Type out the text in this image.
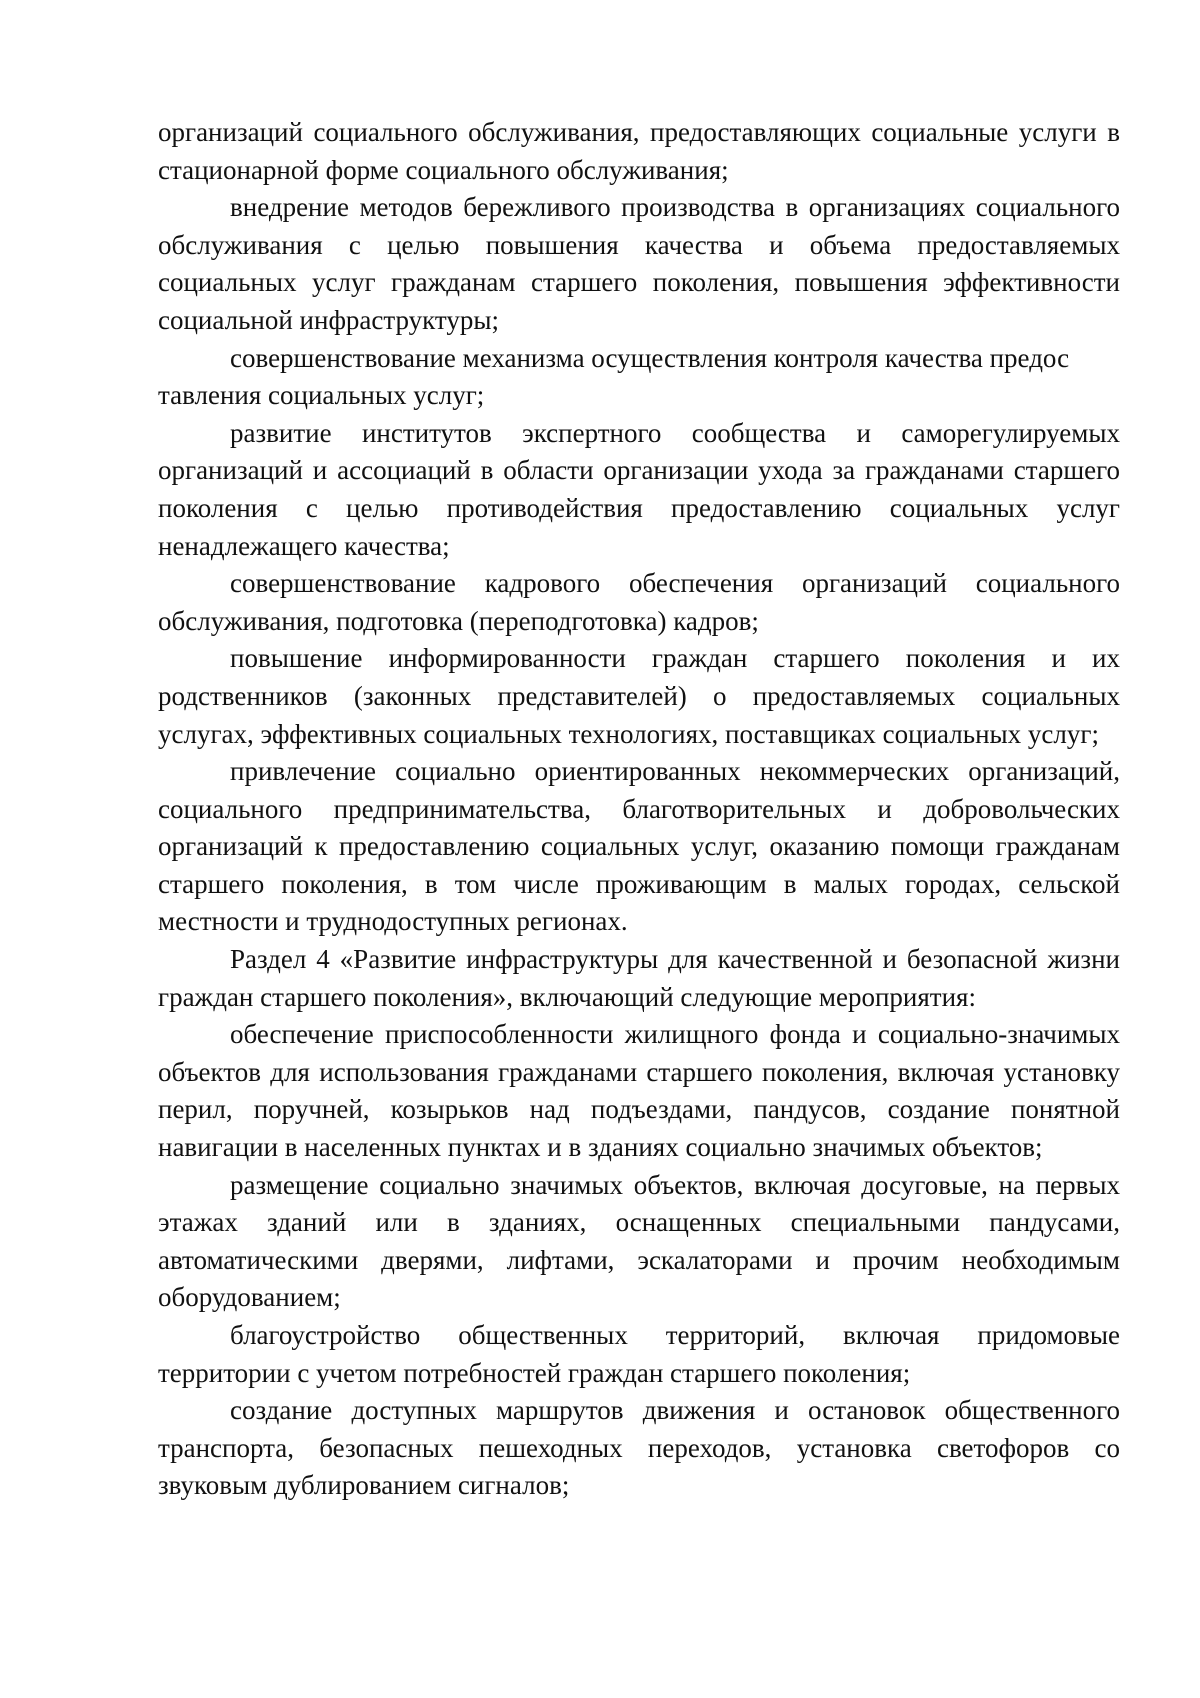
организаций социального обслуживания, предоставляющих социальные услуги в стационарной форме социального обслуживания;

внедрение методов бережливого производства в организациях социального обслуживания с целью повышения качества и объема предоставляемых социальных услуг гражданам старшего поколения, повышения эффективности социальной инфраструктуры;

совершенствование механизма осуществления контроля качества предос тавления социальных услуг;

развитие институтов экспертного сообщества и саморегулируемых организаций и ассоциаций в области организации ухода за гражданами старшего поколения с целью противодействия предоставлению социальных услуг ненадлежащего качества;

совершенствование кадрового обеспечения организаций социального обслуживания, подготовка (переподготовка) кадров;

повышение информированности граждан старшего поколения и их родственников (законных представителей) о предоставляемых социальных услугах, эффективных социальных технологиях, поставщиках социальных услуг;

привлечение социально ориентированных некоммерческих организаций, социального предпринимательства, благотворительных и добровольческих организаций к предоставлению социальных услуг, оказанию помощи гражданам старшего поколения, в том числе проживающим в малых городах, сельской местности и труднодоступных регионах.

Раздел 4 «Развитие инфраструктуры для качественной и безопасной жизни граждан старшего поколения», включающий следующие мероприятия:

обеспечение приспособленности жилищного фонда и социально-значимых объектов для использования гражданами старшего поколения, включая установку перил, поручней, козырьков над подъездами, пандусов, создание понятной навигации в населенных пунктах и в зданиях социально значимых объектов;

размещение социально значимых объектов, включая досуговые, на первых этажах зданий или в зданиях, оснащенных специальными пандусами, автоматическими дверями, лифтами, эскалаторами и прочим необходимым оборудованием;

благоустройство общественных территорий, включая придомовые территории с учетом потребностей граждан старшего поколения;

создание доступных маршрутов движения и остановок общественного транспорта, безопасных пешеходных переходов, установка светофоров со звуковым дублированием сигналов;
